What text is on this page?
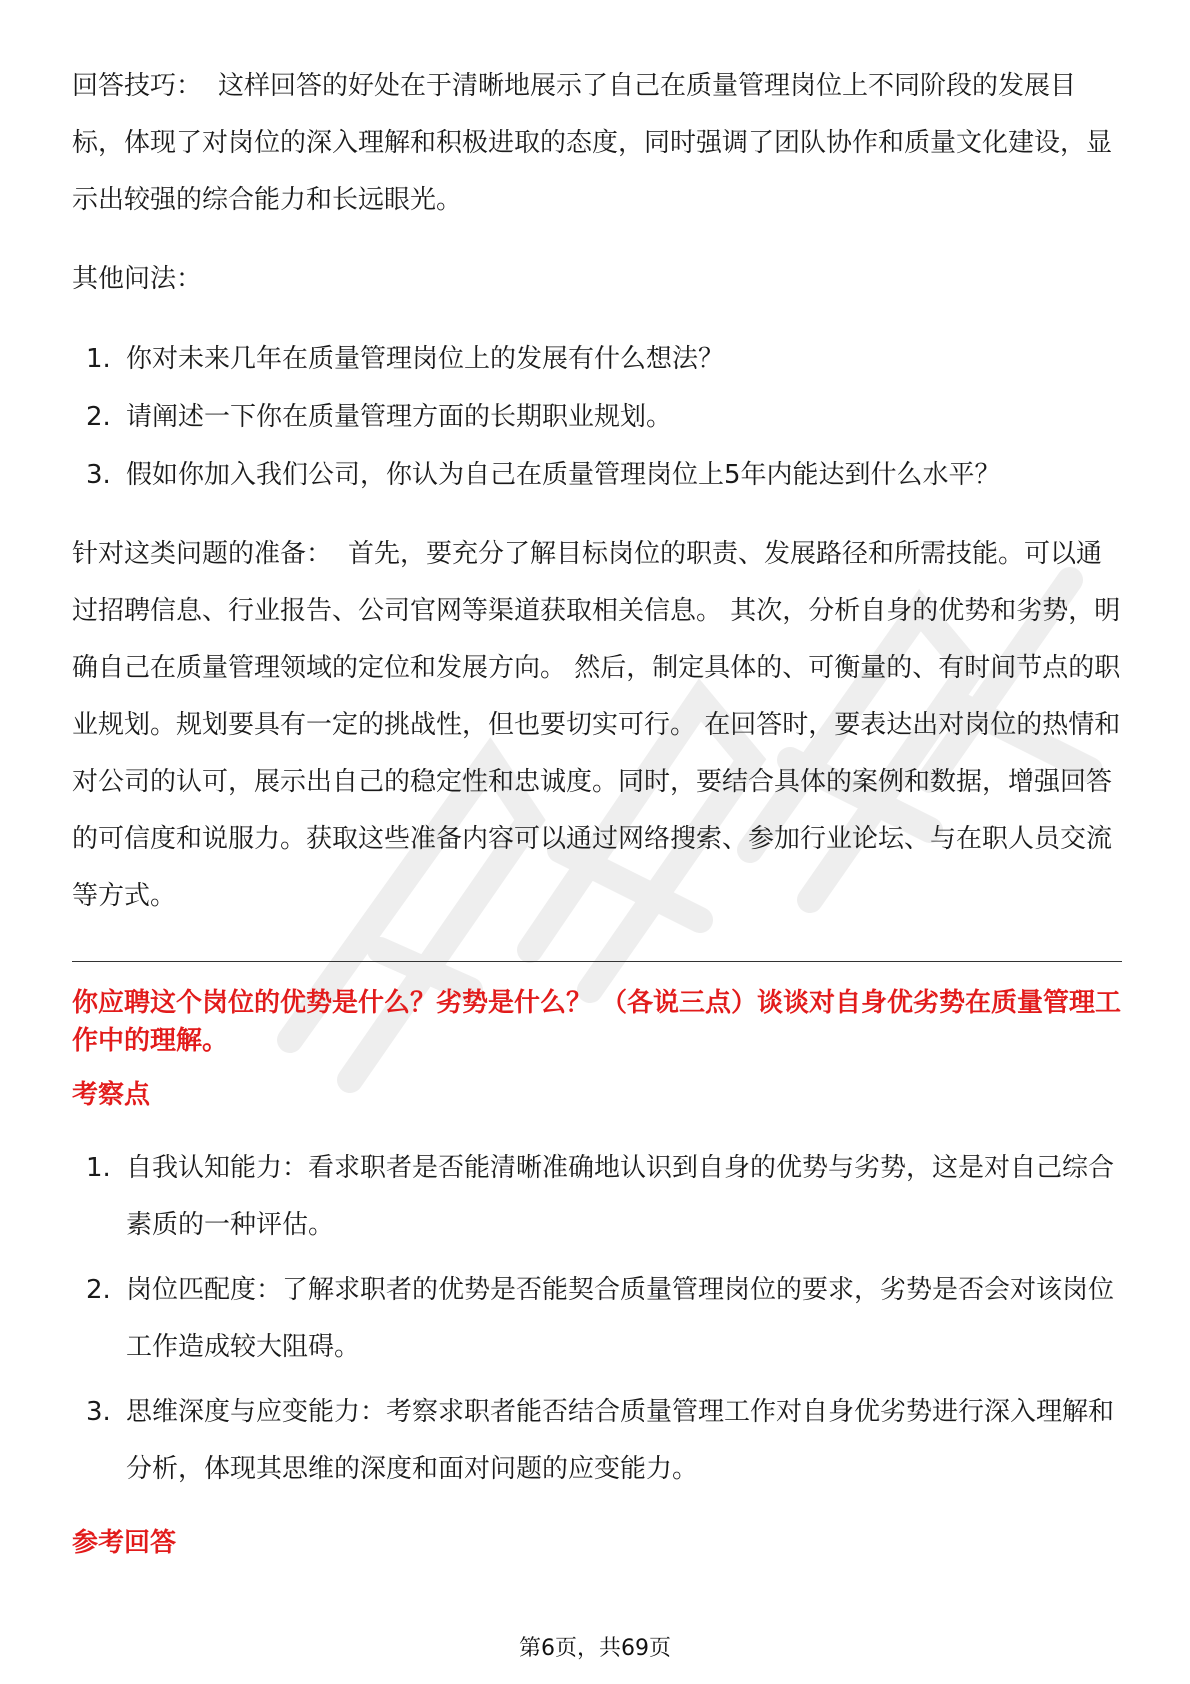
回答技巧： 这样回答的好处在于清晰地展示了自己在质量管理岗位上不同阶段的发展目标，体现了对岗位的深入理解和积极进取的态度，同时强调了团队协作和质量文化建设，显示出较强的综合能力和长远眼光。

其他问法：

1. 你对未来几年在质量管理岗位上的发展有什么想法？
2. 请阐述一下你在质量管理方面的长期职业规划。
3. 假如你加入我们公司，你认为自己在质量管理岗位上5年内能达到什么水平？

针对这类问题的准备： 首先，要充分了解目标岗位的职责、发展路径和所需技能。可以通过招聘信息、行业报告、公司官网等渠道获取相关信息。 其次，分析自身的优势和劣势，明确自己在质量管理领域的定位和发展方向。 然后，制定具体的、可衡量的、有时间节点的职业规划。规划要具有一定的挑战性，但也要切实可行。 在回答时，要表达出对岗位的热情和对公司的认可，展示出自己的稳定性和忠诚度。同时，要结合具体的案例和数据，增强回答的可信度和说服力。获取这些准备内容可以通过网络搜索、参加行业论坛、与在职人员交流等方式。

你应聘这个岗位的优势是什么？劣势是什么？ （各说三点）谈谈对自身优劣势在质量管理工作中的理解。

考察点

1. 自我认知能力：看求职者是否能清晰准确地认识到自身的优势与劣势，这是对自己综合素质的一种评估。
2. 岗位匹配度：了解求职者的优势是否能契合质量管理岗位的要求，劣势是否会对该岗位工作造成较大阻碍。
3. 思维深度与应变能力：考察求职者能否结合质量管理工作对自身优劣势进行深入理解和分析，体现其思维的深度和面对问题的应变能力。

参考回答

第6页，共69页
